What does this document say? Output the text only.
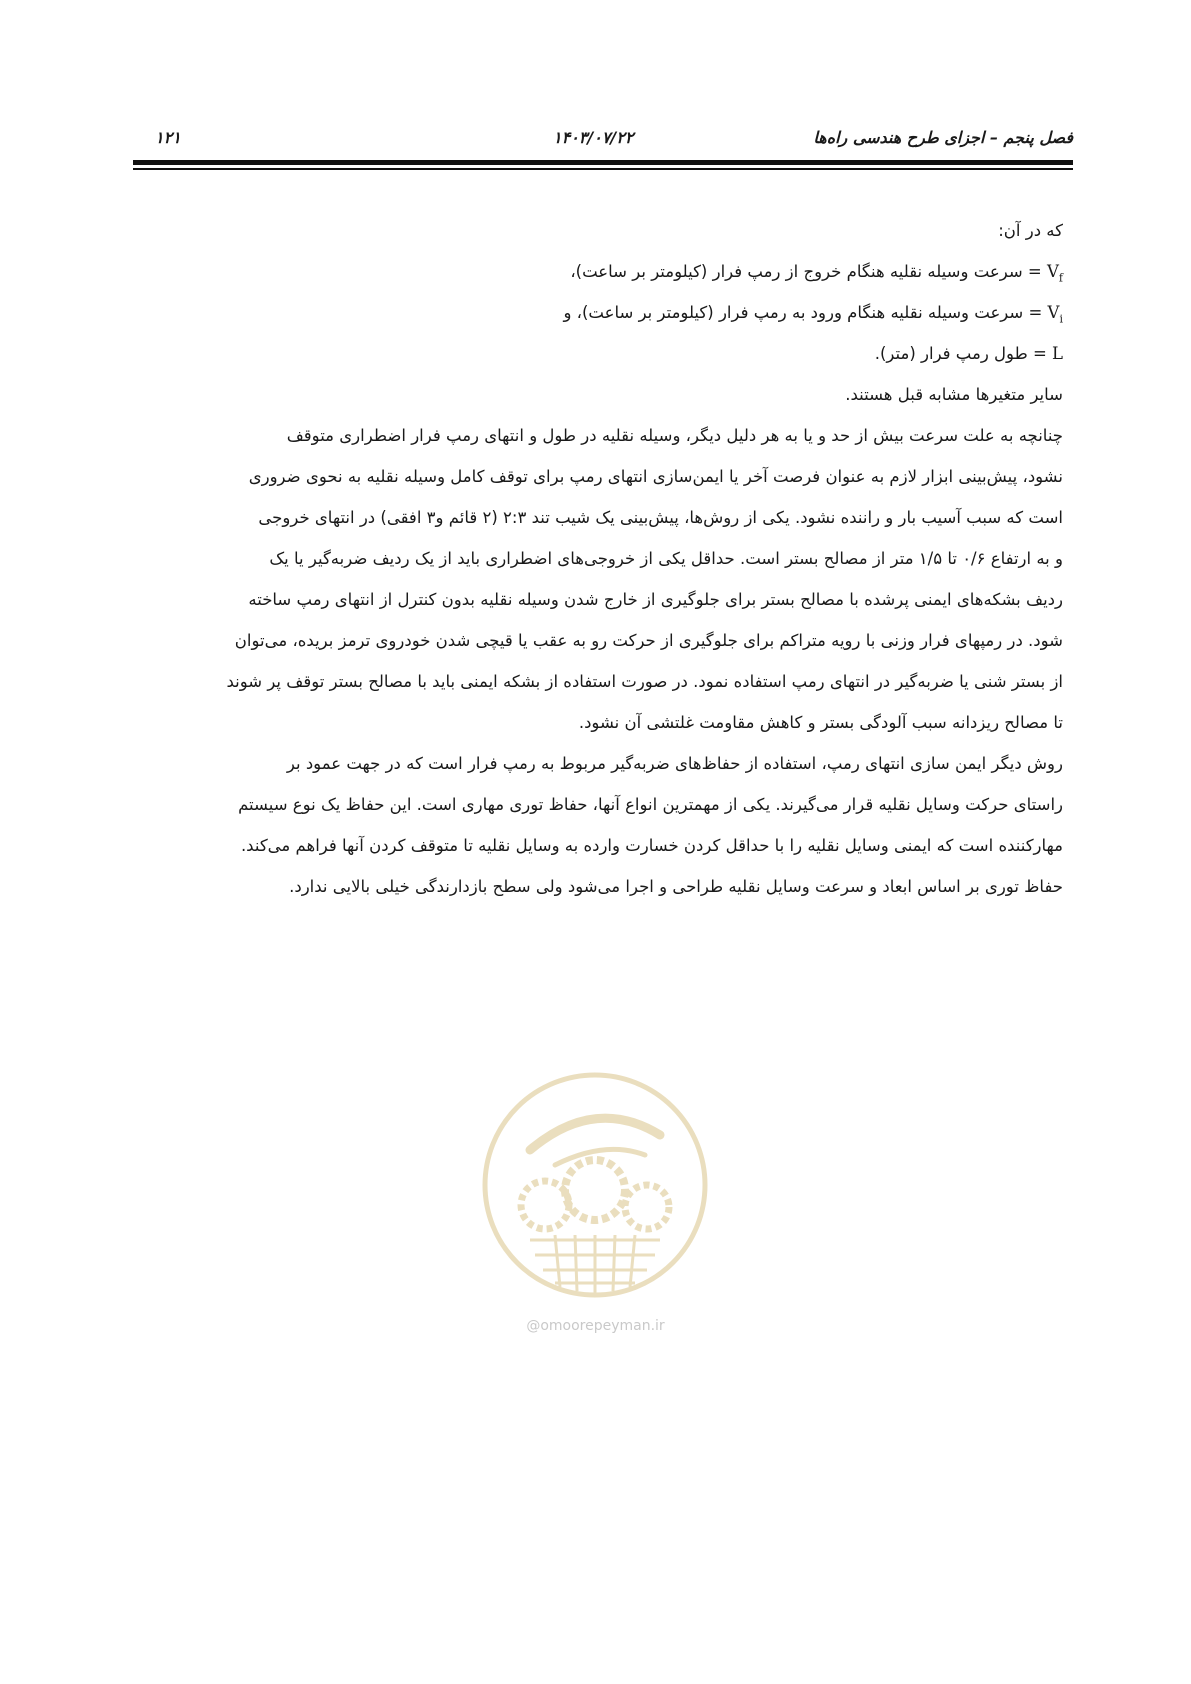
فصل پنجم – اجزای طرح هندسی راه‌ها
۱۴۰۳/۰۷/۲۲
۱۲۱
که در آن:
$V_f$ = سرعت وسیله نقلیه هنگام خروج از رمپ فرار (کیلومتر بر ساعت)،
$V_i$ = سرعت وسیله نقلیه هنگام ورود به رمپ فرار (کیلومتر بر ساعت)، و
L = طول رمپ فرار (متر).
سایر متغیرها مشابه قبل هستند.
چنانچه به علت سرعت بیش از حد و یا به هر دلیل دیگر، وسیله نقلیه در طول و انتهای رمپ فرار اضطراری متوقف
نشود، پیش‌بینی ابزار لازم به عنوان فرصت آخر یا ایمن‌سازی انتهای رمپ برای توقف کامل وسیله نقلیه به نحوی ضروری
است که سبب آسیب بار و راننده نشود. یکی از روش‌ها، پیش‌بینی یک شیب تند ۲:۳ (۲ قائم و۳ افقی) در انتهای خروجی
و به ارتفاع ۰/۶ تا ۱/۵ متر از مصالح بستر است. حداقل یکی از خروجی‌های اضطراری باید از یک ردیف ضربه‌گیر یا یک
ردیف بشکه‌های ایمنی پرشده با مصالح بستر برای جلوگیری از خارج شدن وسیله نقلیه بدون کنترل از انتهای رمپ ساخته
شود. در رمپهای فرار وزنی با رویه متراکم برای جلوگیری از حرکت رو به عقب یا قیچی شدن خودروی ترمز بریده، می‌توان
از بستر شنی یا ضربه‌گیر در انتهای رمپ استفاده نمود. در صورت استفاده از بشکه ایمنی باید با مصالح بستر توقف پر شوند
تا مصالح ریزدانه سبب آلودگی بستر و کاهش مقاومت غلتشی آن نشود.
روش دیگر ایمن سازی انتهای رمپ، استفاده از حفاظ‌های ضربه‌گیر مربوط به رمپ فرار است که در جهت عمود بر
راستای حرکت وسایل نقلیه قرار می‌گیرند. یکی از مهمترین انواع آنها، حفاظ توری مهاری است. این حفاظ یک نوع سیستم
مهارکننده است که ایمنی وسایل نقلیه را با حداقل کردن خسارت وارده به وسایل نقلیه تا متوقف کردن آنها فراهم می‌کند.
حفاظ توری بر اساس ابعاد و سرعت وسایل نقلیه طراحی و اجرا می‌شود ولی سطح بازدارندگی خیلی بالایی ندارد.
@omoorepeyman.ir
